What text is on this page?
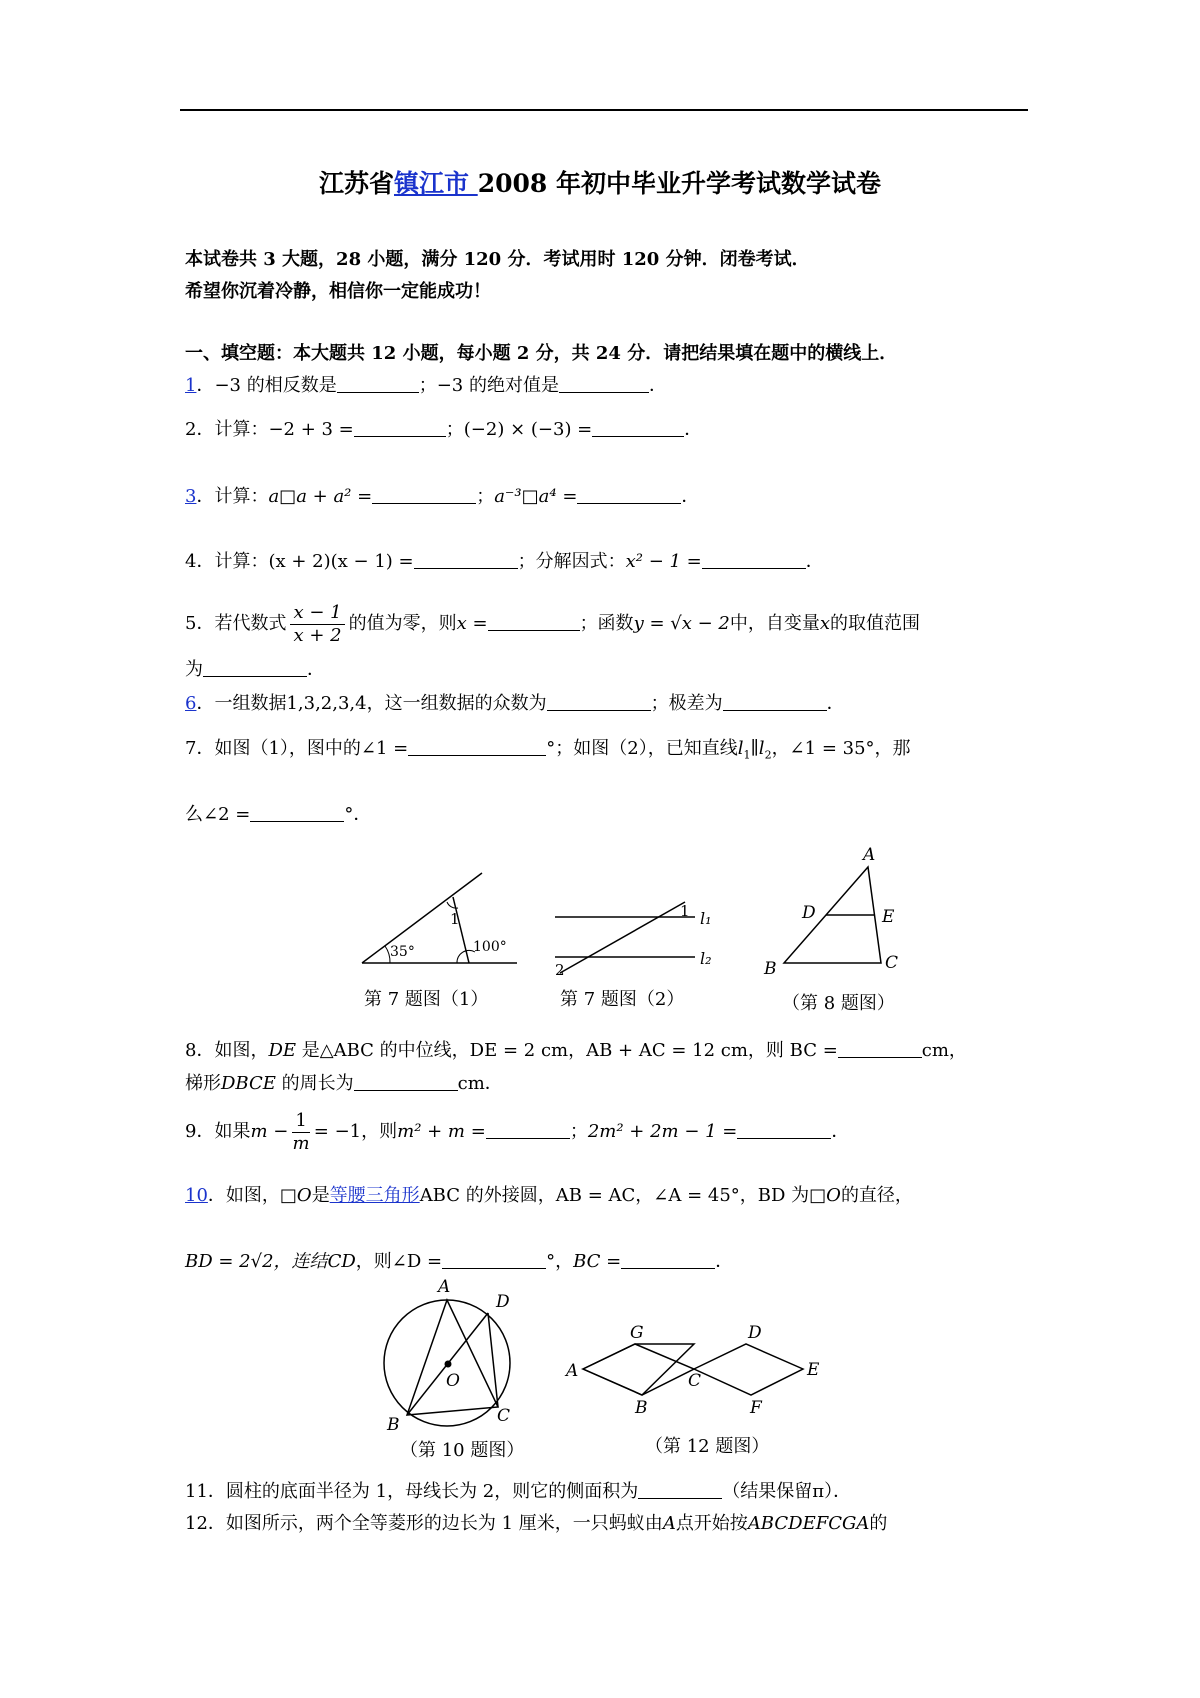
江苏省镇江市 2008 年初中毕业升学考试数学试卷
本试卷共 3 大题，28 小题，满分 120 分．考试用时 120 分钟．闭卷考试．
希望你沉着冷静，相信你一定能成功！
一、填空题：本大题共 12 小题，每小题 2 分，共 24 分．请把结果填在题中的横线上．
1．−3 的相反数是	；−3 的绝对值是	．
2．计算：−2 + 3 =	；(−2) × (−3) =	．
3．计算：a□a + a² =	；a⁻³□a⁴ =	．
4．计算：(x + 2)(x − 1) =	；分解因式：x² − 1 =	．
5．若代数式 $\frac{x - 1}{x + 2}$ 的值为零，则x =	；函数y = √x − 2中，自变量x的取值范围
为	．
6．一组数据1,3,2,3,4，这一组数据的众数为	；极差为	．
7．如图（1），图中的∠1 =	°；如图（2），已知直线$l_1\parallel l_2$，∠1 = 35°，那
么∠2 =	°．
1
35°	100°
1
2
l₁
l₂
A
D	E
B	C
第 7 题图（1）	第 7 题图（2）	（第 8 题图）
8．如图，DE 是△ABC 的中位线，DE = 2 cm，AB + AC = 12 cm，则 BC =	cm，
梯形DBCE 的周长为	cm．
9．如果$m - \frac{1}{m} = -1$，则m² + m =	；2m² + 2m − 1 =	．
10．如图，□O是等腰三角形ABC 的外接圆，AB = AC，∠A = 45°，BD 为□O的直径，
BD = 2√2，连结CD，则∠D =	°，BC =	．
A
D
O
B	C
A
G
C
B
D
E
F
（第 10 题图）	（第 12 题图）
11．圆柱的底面半径为 1，母线长为 2，则它的侧面积为	（结果保留π）．
12．如图所示，两个全等菱形的边长为 1 厘米，一只蚂蚁由A点开始按ABCDEFCGA的
